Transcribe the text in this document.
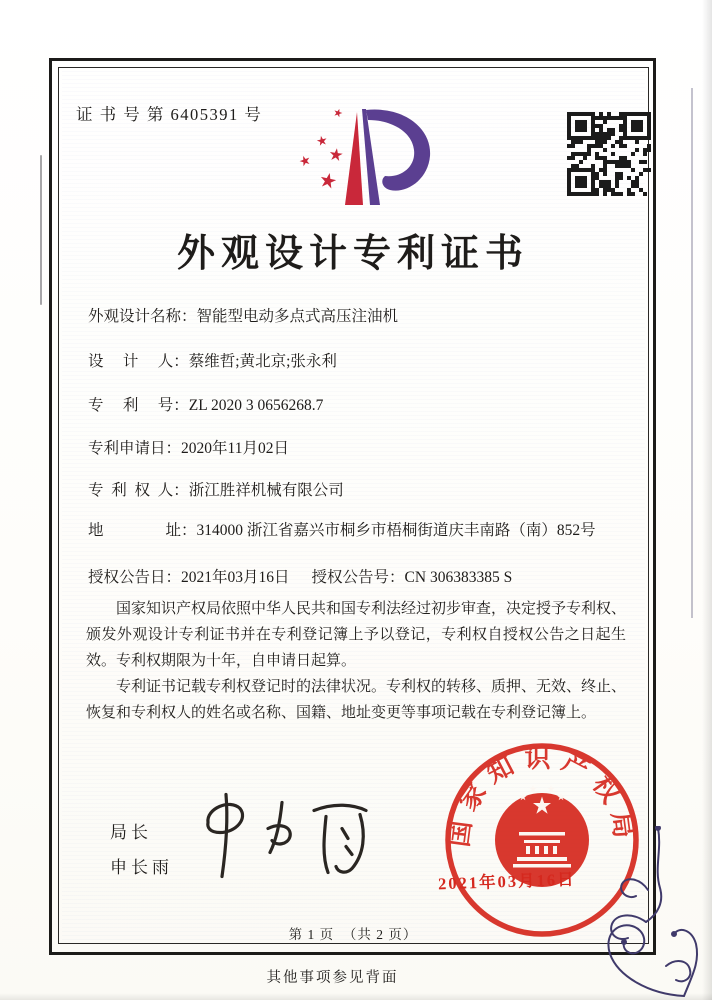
证 书 号 第 6405391 号
外观设计专利证书
外观设计名称： 智能型电动多点式高压注油机
设　 计　 人： 蔡维哲;黄北京;张永利
专　 利　 号： ZL 2020 3 0656268.7
专利申请日： 2020年11月02日
专  利  权  人： 浙江胜祥机械有限公司
地　　　　址： 314000 浙江省嘉兴市桐乡市梧桐街道庆丰南路（南）852号
授权公告日：2021年03月16日 授权公告号：CN 306383385 S

国家知识产权局依照中华人民共和国专利法经过初步审查，决定授予专利权、颁发外观设计专利证书并在专利登记簿上予以登记，专利权自授权公告之日起生效。专利权期限为十年，自申请日起算。

专利证书记载专利权登记时的法律状况。专利权的转移、质押、无效、终止、恢复和专利权人的姓名或名称、国籍、地址变更等事项记载在专利登记簿上。

局长
申长雨
国家知识产权局
2021年03月16日
第 1 页  （共 2 页）
其他事项参见背面
